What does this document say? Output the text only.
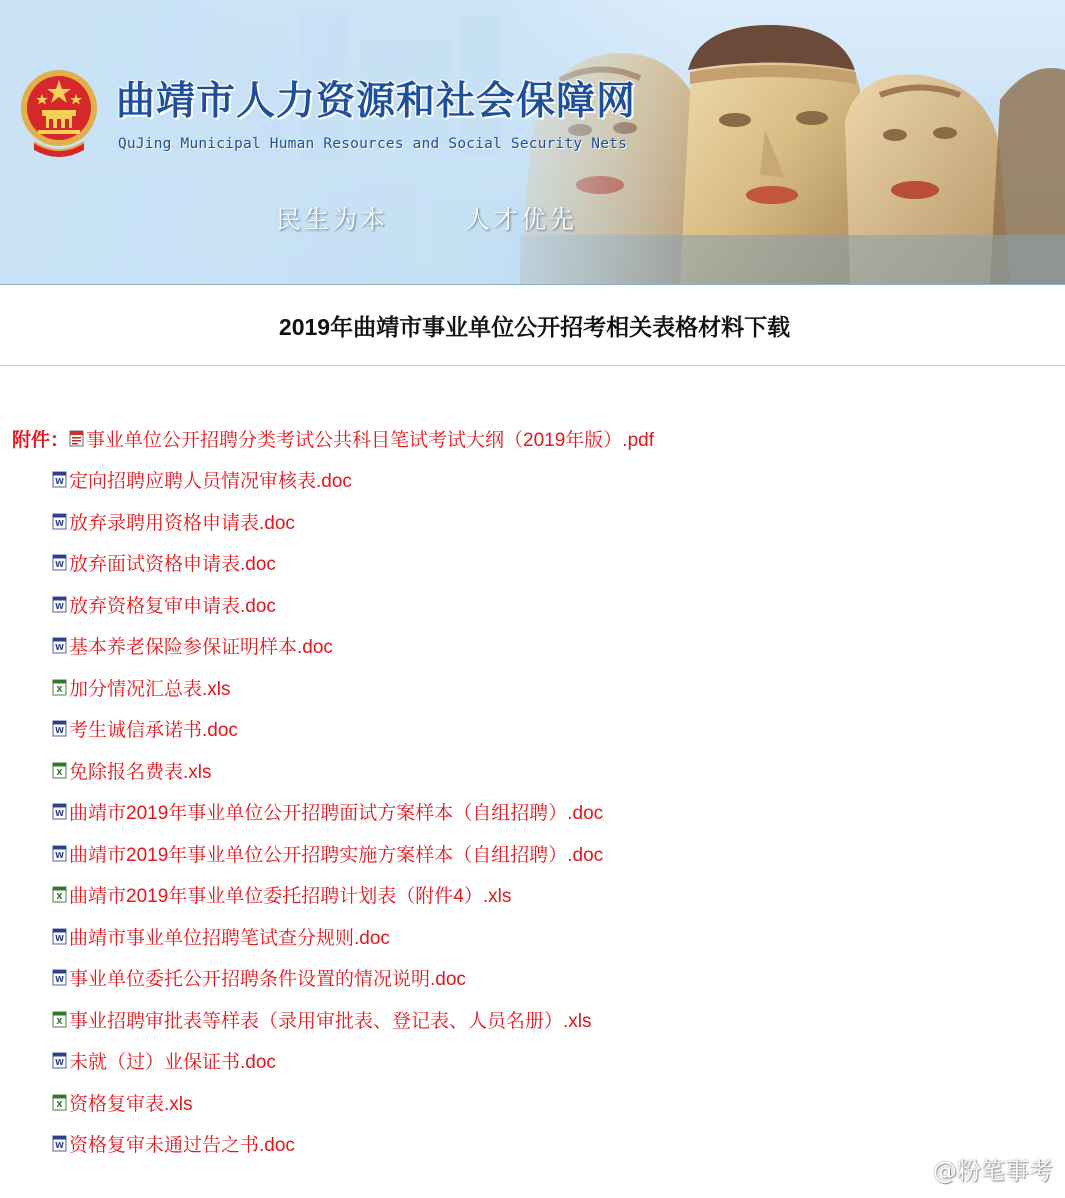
曲靖市人力资源和社会保障网
QuJing Municipal Human Resources and Social Security Nets
民生为本	人才优先
2019年曲靖市事业单位公开招考相关表格材料下载
附件： 事业单位公开招聘分类考试公共科目笔试考试大纲（2019年版）.pdf
W 定向招聘应聘人员情况审核表.doc
W 放弃录聘用资格申请表.doc
W 放弃面试资格申请表.doc
W 放弃资格复审申请表.doc
W 基本养老保险参保证明样本.doc
X 加分情况汇总表.xls
W 考生诚信承诺书.doc
X 免除报名费表.xls
W 曲靖市2019年事业单位公开招聘面试方案样本（自组招聘）.doc
W 曲靖市2019年事业单位公开招聘实施方案样本（自组招聘）.doc
X 曲靖市2019年事业单位委托招聘计划表（附件4）.xls
W 曲靖市事业单位招聘笔试查分规则.doc
W 事业单位委托公开招聘条件设置的情况说明.doc
X 事业招聘审批表等样表（录用审批表、登记表、人员名册）.xls
W 未就（过）业保证书.doc
X 资格复审表.xls
W 资格复审未通过告之书.doc
@粉笔事考
